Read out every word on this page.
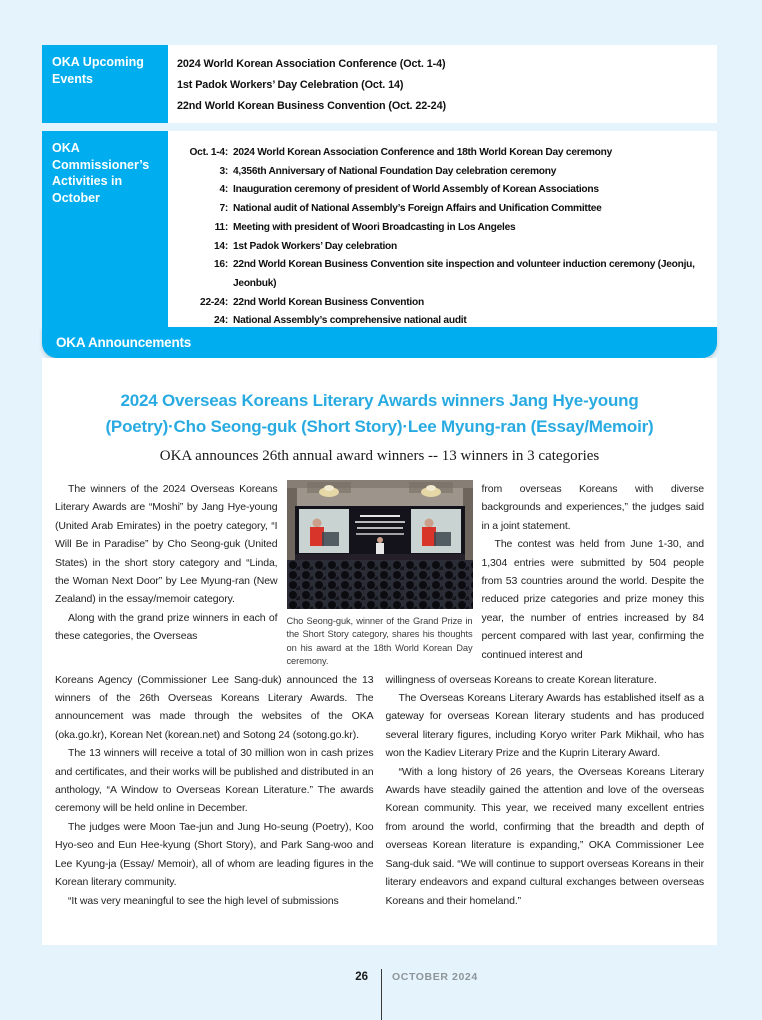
OKA Upcoming Events
2024 World Korean Association Conference (Oct. 1-4)
1st Padok Workers’ Day Celebration (Oct. 14)
22nd World Korean Business Convention (Oct. 22-24)
OKA Commissioner’s Activities in October
Oct. 1-4: 2024 World Korean Association Conference and 18th World Korean Day ceremony
3: 4,356th Anniversary of National Foundation Day celebration ceremony
4: Inauguration ceremony of president of World Assembly of Korean Associations
7: National audit of National Assembly’s Foreign Affairs and Unification Committee
11: Meeting with president of Woori Broadcasting in Los Angeles
14: 1st Padok Workers’ Day celebration
16: 22nd World Korean Business Convention site inspection and volunteer induction ceremony (Jeonju, Jeonbuk)
22-24: 22nd World Korean Business Convention
24: National Assembly’s comprehensive national audit
OKA Announcements
2024 Overseas Koreans Literary Awards winners Jang Hye-young
(Poetry)·Cho Seong-guk (Short Story)·Lee Myung-ran (Essay/Memoir)

OKA announces 26th annual award winners -- 13 winners in 3 categories

The winners of the 2024 Overseas Koreans Literary Awards are “Moshi” by Jang Hye-young (United Arab Emirates) in the poetry category, “I Will Be in Paradise” by Cho Seong-guk (United States) in the short story category and “Linda, the Woman Next Door” by Lee Myung-ran (New Zealand) in the essay/memoir category.

Along with the grand prize winners in each of these categories, the Overseas

Cho Seong-guk, winner of the Grand Prize in the Short Story category, shares his thoughts on his award at the 18th World Korean Day ceremony.

from overseas Koreans with diverse backgrounds and experiences,” the judges said in a joint statement.

The contest was held from June 1-30, and 1,304 entries were submitted by 504 people from 53 countries around the world. Despite the reduced prize categories and prize money this year, the number of entries increased by 84 percent compared with last year, confirming the continued interest and

Koreans Agency (Commissioner Lee Sang-duk) announced the 13 winners of the 26th Overseas Koreans Literary Awards. The announcement was made through the websites of the OKA (oka.go.kr), Korean Net (korean.net) and Sotong 24 (sotong.go.kr).

The 13 winners will receive a total of 30 million won in cash prizes and certificates, and their works will be published and distributed in an anthology, “A Window to Overseas Korean Literature.” The awards ceremony will be held online in December.

The judges were Moon Tae-jun and Jung Ho-seung (Poetry), Koo Hyo-seo and Eun Hee-kyung (Short Story), and Park Sang-woo and Lee Kyung-ja (Essay/ Memoir), all of whom are leading figures in the Korean literary community.

“It was very meaningful to see the high level of submissions

willingness of overseas Koreans to create Korean literature.

The Overseas Koreans Literary Awards has established itself as a gateway for overseas Korean literary students and has produced several literary figures, including Koryo writer Park Mikhail, who has won the Kadiev Literary Prize and the Kuprin Literary Award.

“With a long history of 26 years, the Overseas Koreans Literary Awards have steadily gained the attention and love of the overseas Korean community. This year, we received many excellent entries from around the world, confirming that the breadth and depth of overseas Korean literature is expanding,” OKA Commissioner Lee Sang-duk said. “We will continue to support overseas Koreans in their literary endeavors and expand cultural exchanges between overseas Koreans and their homeland.”

26 OCTOBER 2024
